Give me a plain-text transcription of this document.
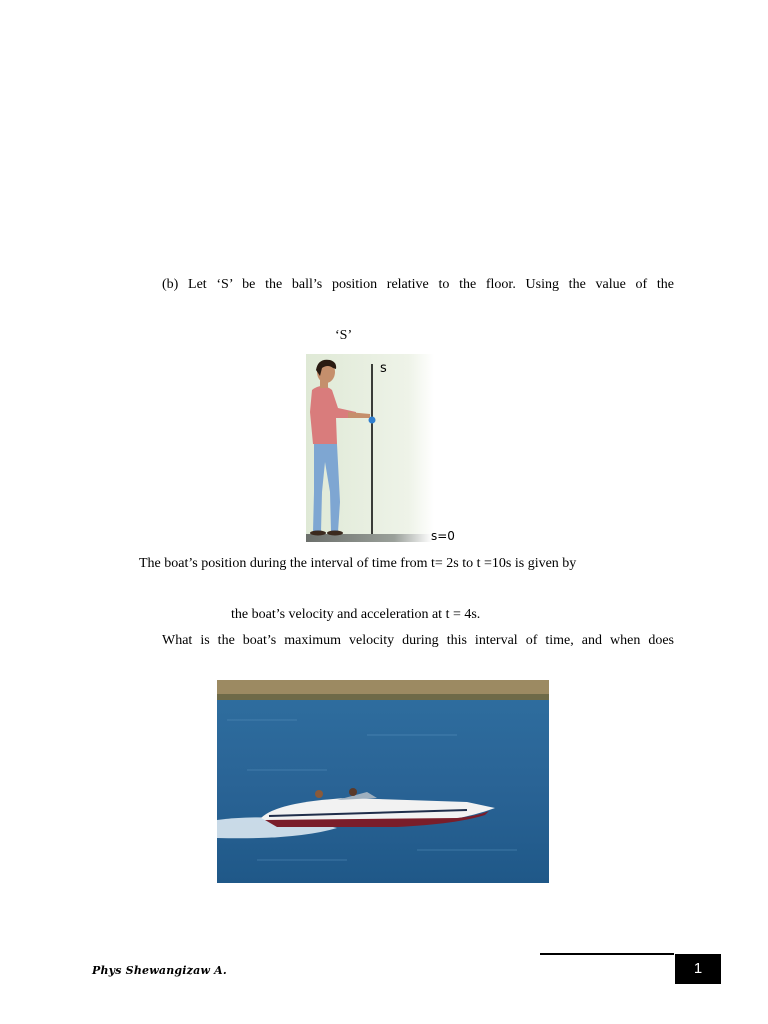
(b) Let ‘S’ be the ball’s position relative to the floor. Using the value of the
‘S’
s
s=0
The boat’s position during the interval of time from t= 2s to t =10s is given by
the boat’s velocity and acceleration at t = 4s.
What is the boat’s maximum velocity during this interval of time, and when does
1
Phys Shewangizaw A.
